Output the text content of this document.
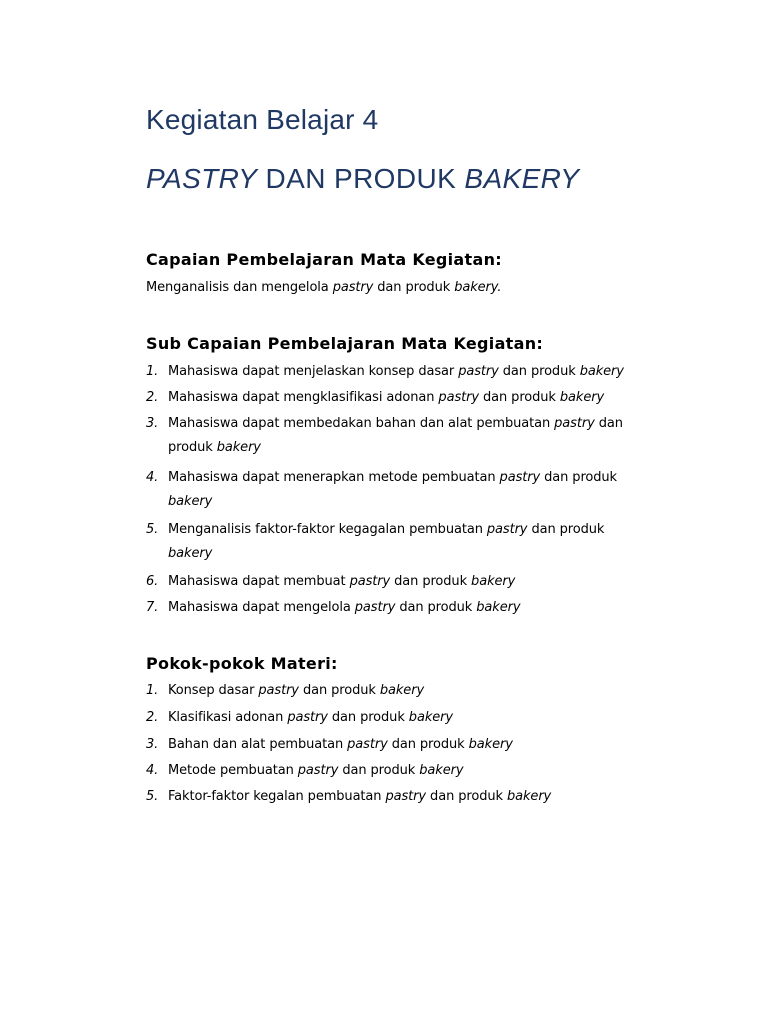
Kegiatan Belajar 4
PASTRY DAN PRODUK BAKERY
Capaian Pembelajaran Mata Kegiatan:
Menganalisis dan mengelola pastry dan produk bakery.
Sub Capaian Pembelajaran Mata Kegiatan:
1. Mahasiswa dapat menjelaskan konsep dasar pastry dan produk bakery
2. Mahasiswa dapat mengklasifikasi adonan pastry dan produk bakery
3. Mahasiswa dapat membedakan bahan dan alat pembuatan pastry dan
produk bakery
4. Mahasiswa dapat menerapkan metode pembuatan pastry dan produk
bakery
5. Menganalisis faktor-faktor kegagalan pembuatan pastry dan produk
bakery
6. Mahasiswa dapat membuat pastry dan produk bakery
7. Mahasiswa dapat mengelola pastry dan produk bakery
Pokok-pokok Materi:
1. Konsep dasar pastry dan produk bakery
2. Klasifikasi adonan pastry dan produk bakery
3. Bahan dan alat pembuatan pastry dan produk bakery
4. Metode pembuatan pastry dan produk bakery
5. Faktor-faktor kegalan pembuatan pastry dan produk bakery
